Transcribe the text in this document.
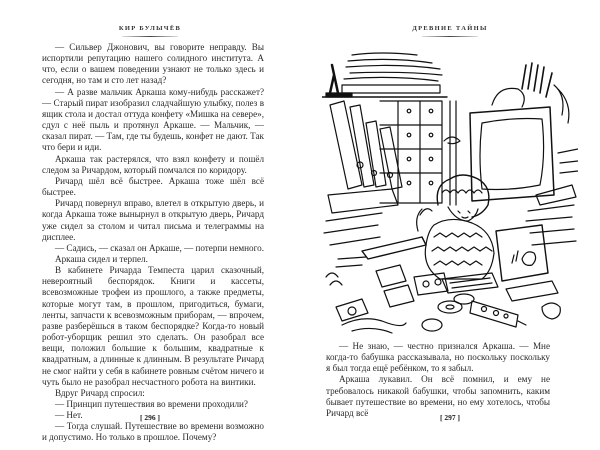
КИР БУЛЫЧЁВ

— Сильвер Джонович, вы говорите неправду. Вы испортили репутацию нашего солидного института. А что, если о вашем поведении узнают не только здесь и сегодня, но там и сто лет назад?

— А разве мальчик Аркаша кому-нибудь расскажет? — Старый пират изобразил сладчайшую улыбку, полез в ящик стола и достал оттуда конфету «Мишка на севере», сдул с неё пыль и протянул Аркаше. — Мальчик, — сказал пират. — Там, где ты будешь, конфет не дают. Так что бери и иди.

Аркаша так растерялся, что взял конфету и пошёл следом за Ричардом, который помчался по коридору.

Ричард шёл всё быстрее. Аркаша тоже шёл всё быстрее.

Ричард повернул вправо, влетел в открытую дверь, и когда Аркаша тоже вынырнул в открытую дверь, Ричард уже сидел за столом и читал письма и телеграммы на дисплее.

— Садись, — сказал он Аркаше, — потерпи немного.

Аркаша сидел и терпел.

В кабинете Ричарда Темпеста царил сказочный, невероятный беспорядок. Книги и кассеты, всевозможные трофеи из прошлого, а также предметы, которые могут там, в прошлом, пригодиться, бумаги, ленты, запчасти к всевозможным приборам, — впрочем, разве разберёшься в таком беспорядке? Когда-то новый робот-уборщик решил это сделать. Он разобрал все вещи, положил большие к большим, квадратные к квадратным, а длинные к длинным. В результате Ричард не смог найти у себя в кабинете ровным счётом ничего и чуть было не разобрал несчастного робота на винтики.

Вдруг Ричард спросил:

— Принцип путешествия во времени проходили?

— Нет.

— Тогда слушай. Путешествие во времени возможно и допустимо. Но только в прошлое. Почему?

[ 296 ]
ДРЕВНИЕ ТАЙНЫ

— Не знаю, — честно признался Аркаша. — Мне когда-то бабушка рассказывала, но поскольку поскольку я был тогда ещё ребёнком, то я забыл.

Аркаша лукавил. Он всё помнил, и ему не требовалось никакой бабушки, чтобы запомнить, каким бывает путешествие во времени, но ему хотелось, чтобы Ричард всё	[ 297 ]
